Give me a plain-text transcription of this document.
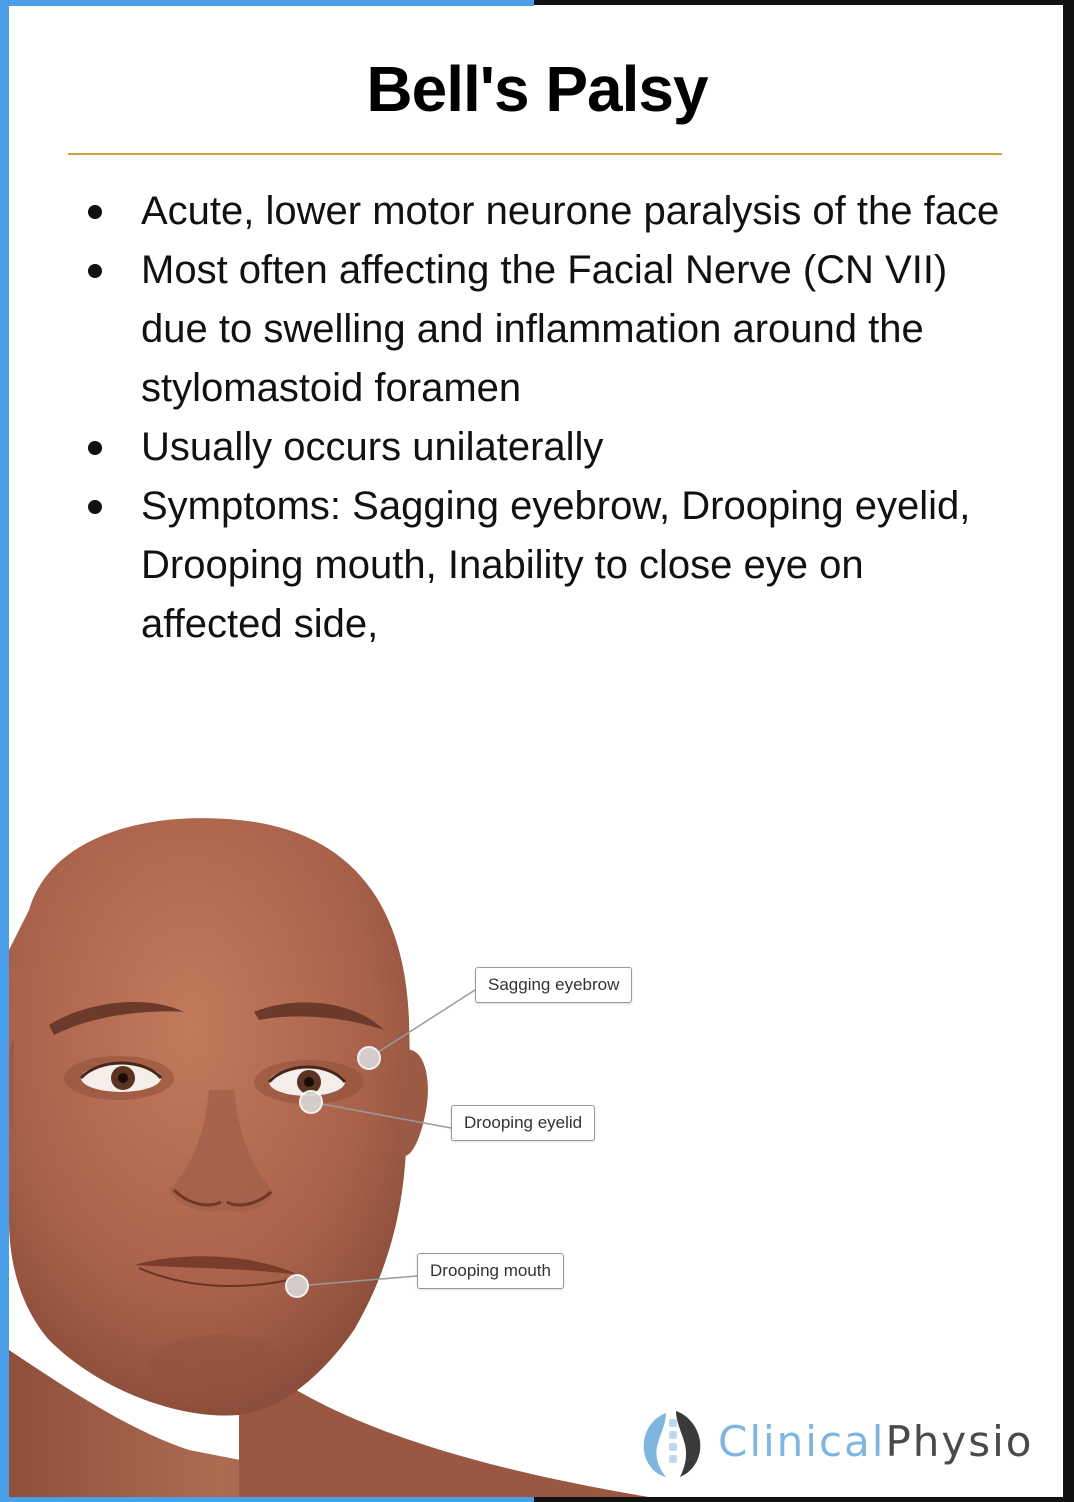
Bell's Palsy
Acute, lower motor neurone paralysis of the face
Most often affecting the Facial Nerve (CN VII) due to swelling and inflammation around the stylomastoid foramen
Usually occurs unilaterally
Symptoms: Sagging eyebrow, Drooping eyelid, Drooping mouth, Inability to close eye on affected side,
Sagging eyebrow
Drooping eyelid
Drooping mouth
ClinicalPhysio
